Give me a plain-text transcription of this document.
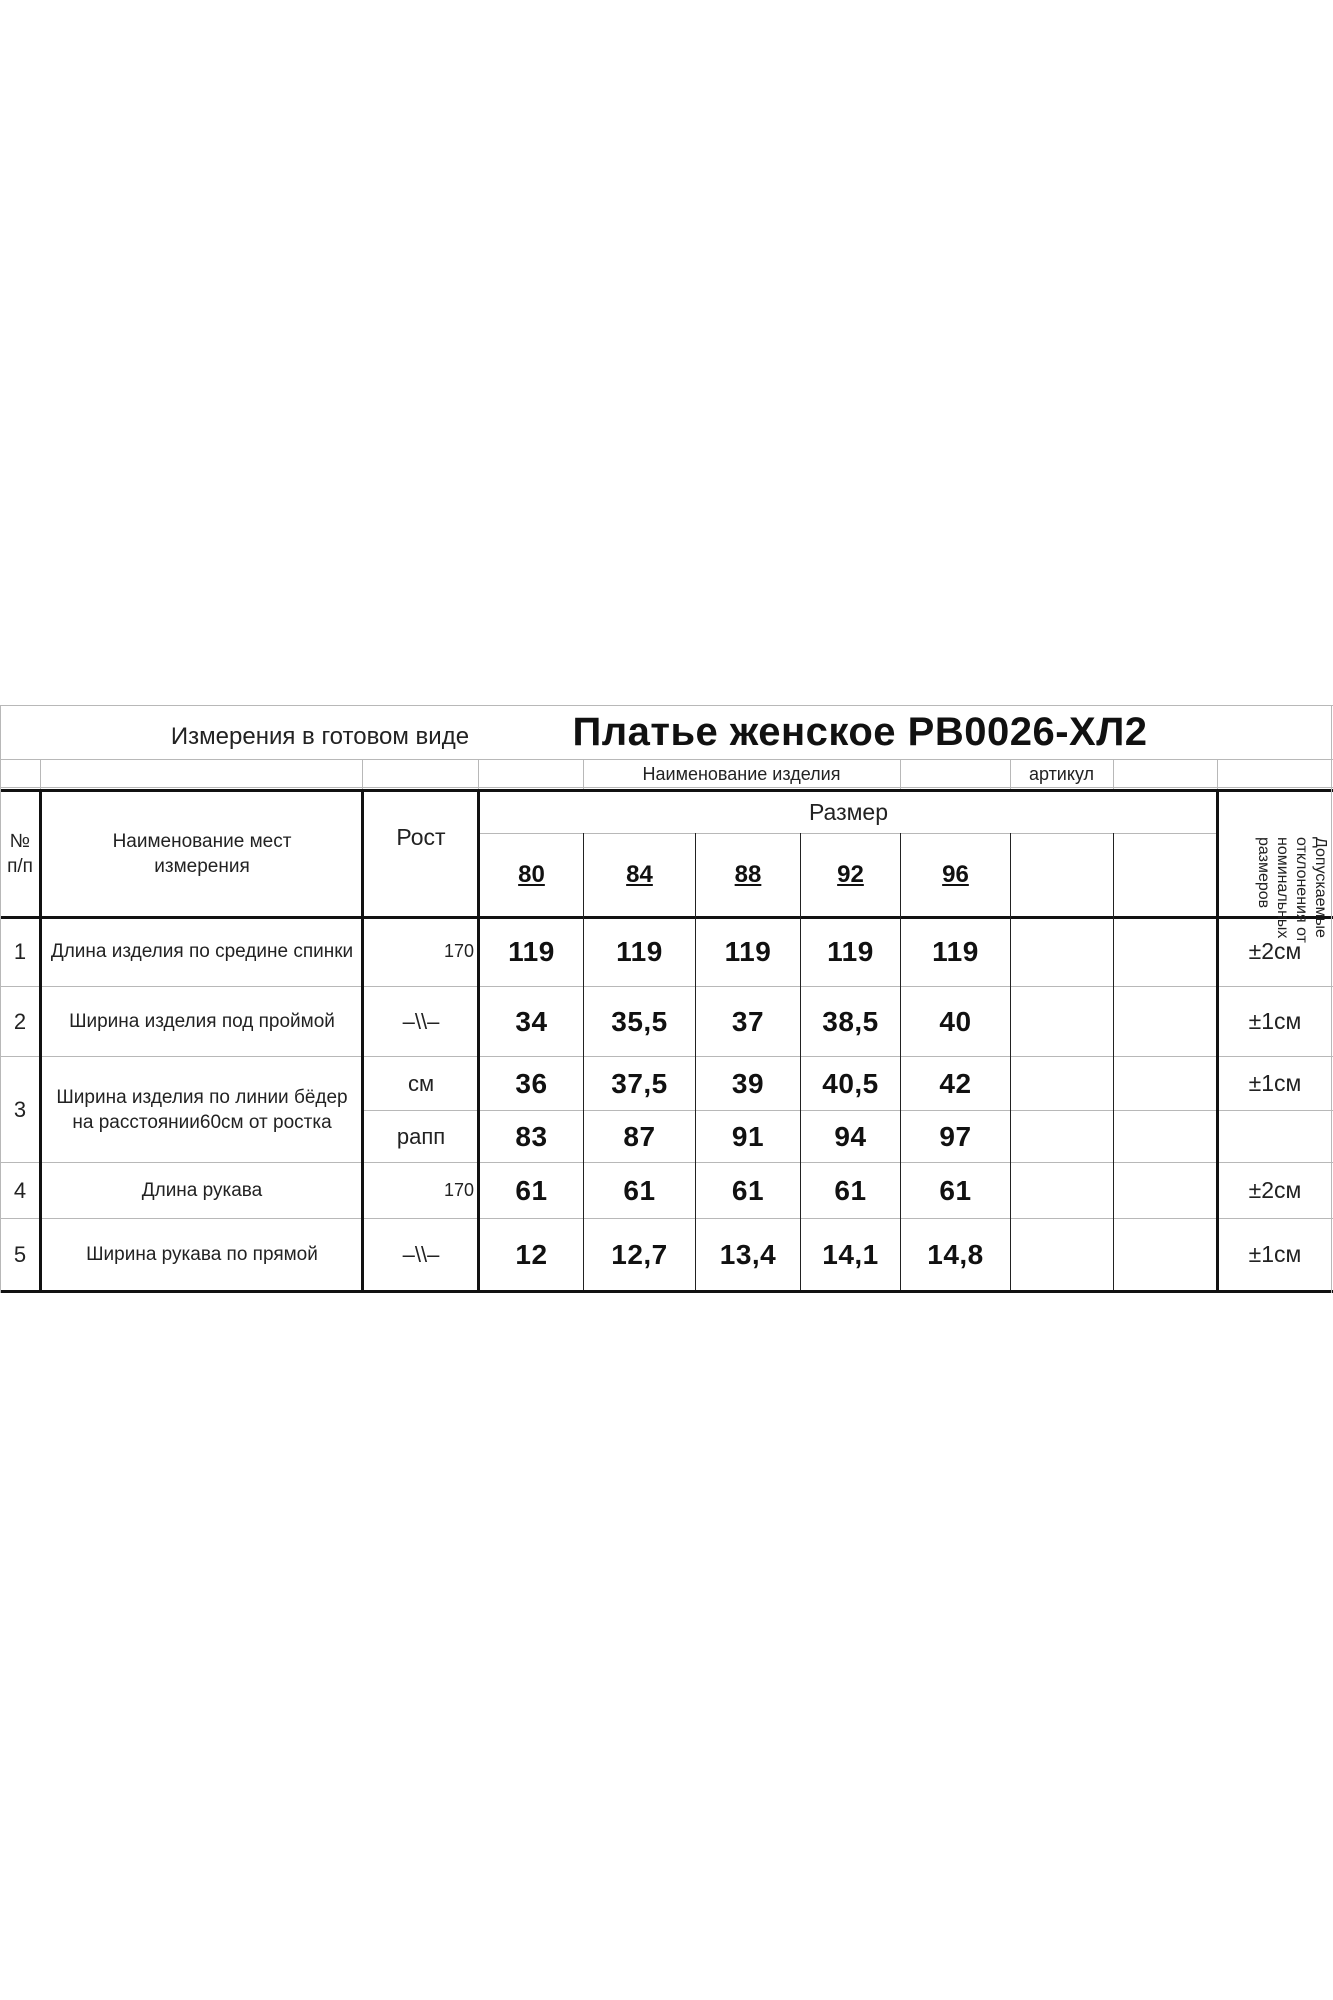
Измерения в готовом виде	Платье женское PB0026-ХЛ2
Наименование изделия	артикул
№ п/п
Наименование мест измерения
Рост
Размер
80	84	88	92	96	Допускаемые отклонения от номинальных размеров
1	Длина изделия по средине спинки	170	119	119	119	119	119	±2см
2	Ширина изделия под проймой	–\\–	34	35,5	37	38,5	40	±1см
3	Ширина изделия по линии бёдер на расстоянии60см от ростка
см	36	37,5	39	40,5	42	±1см
рапп	83	87	91	94	97
4	Длина рукава	170	61	61	61	61	61	±2см
5	Ширина рукава по прямой	–\\–	12	12,7	13,4	14,1	14,8	±1см
